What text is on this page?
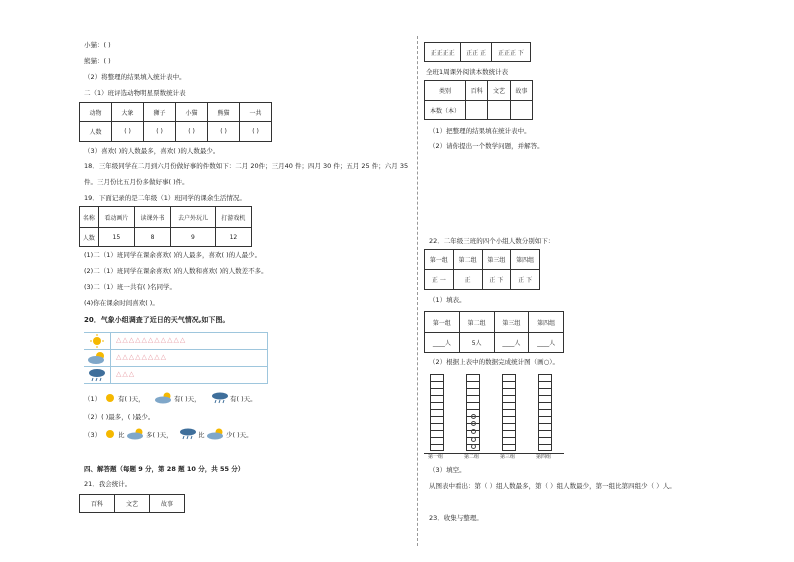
小猫：( )
熊猫：( )
（2）将整理的结果填入统计表中。
二（1）班评选动物明星票数统计表
动物	大象	狮子	小猫	熊猫	一共
人数	( )	( )	( )	( )	( )
（3）喜欢( )的人数最多，喜欢( )的人数最少。
18．三年级同学在二月到六月份做好事的件数如下：二月 20件；三月40 件；四月 30 件；五月 25 件；六月 35
件。三月份比五月份多做好事( )件。
19．下面记录的是二年级（1）班同学的课余生活情况。
名称	看动画片	读课外书	去户外玩儿	打游戏机
人数	15	8	9	12
(1)二（1）班同学在课余喜欢( )的人最多，喜欢( )的人最少。
(2)二（1）班同学在课余喜欢( )的人数和喜欢( )的人数差不多。
(3)二（1）班一共有( )名同学。
(4)你在课余时间喜欢( )。
20．气象小组调查了近日的天气情况,如下图。
△△△△△△△△△△△
△△△△△△△△
△△△
（1）	有( )天，	有( )天，	有( )天。
（2）( )最多，( )最少。
（3）	比	多( )天，	比	少( )天。
四、解答题（每题 9 分，第 28 题 10 分，共 55 分）
21．我会统计。
百科	文艺	故事
正正正正	正正 正	正正正 下
全班1周课外阅读本数统计表
类别	百科	文艺	故事
本数（本）			
（1）把整理的结果填在统计表中。
（2）请你提出一个数学问题，并解答。
22．二年级三班的四个小组人数分别如下：
第一组	第二组	第三组	第四组
正 一	正	正 下	正 下
（1）填表。
第一组	第二组	第三组	第四组
____人	5人	____人	____人
（2）根据上表中的数据完成统计图（画○）。
第一组	第二组	第三组	第四组
（3）填空。
从图表中看出：第（ ）组人数最多，第（ ）组人数最少，第一组比第四组少（ ）人。
23．收集与整理。
